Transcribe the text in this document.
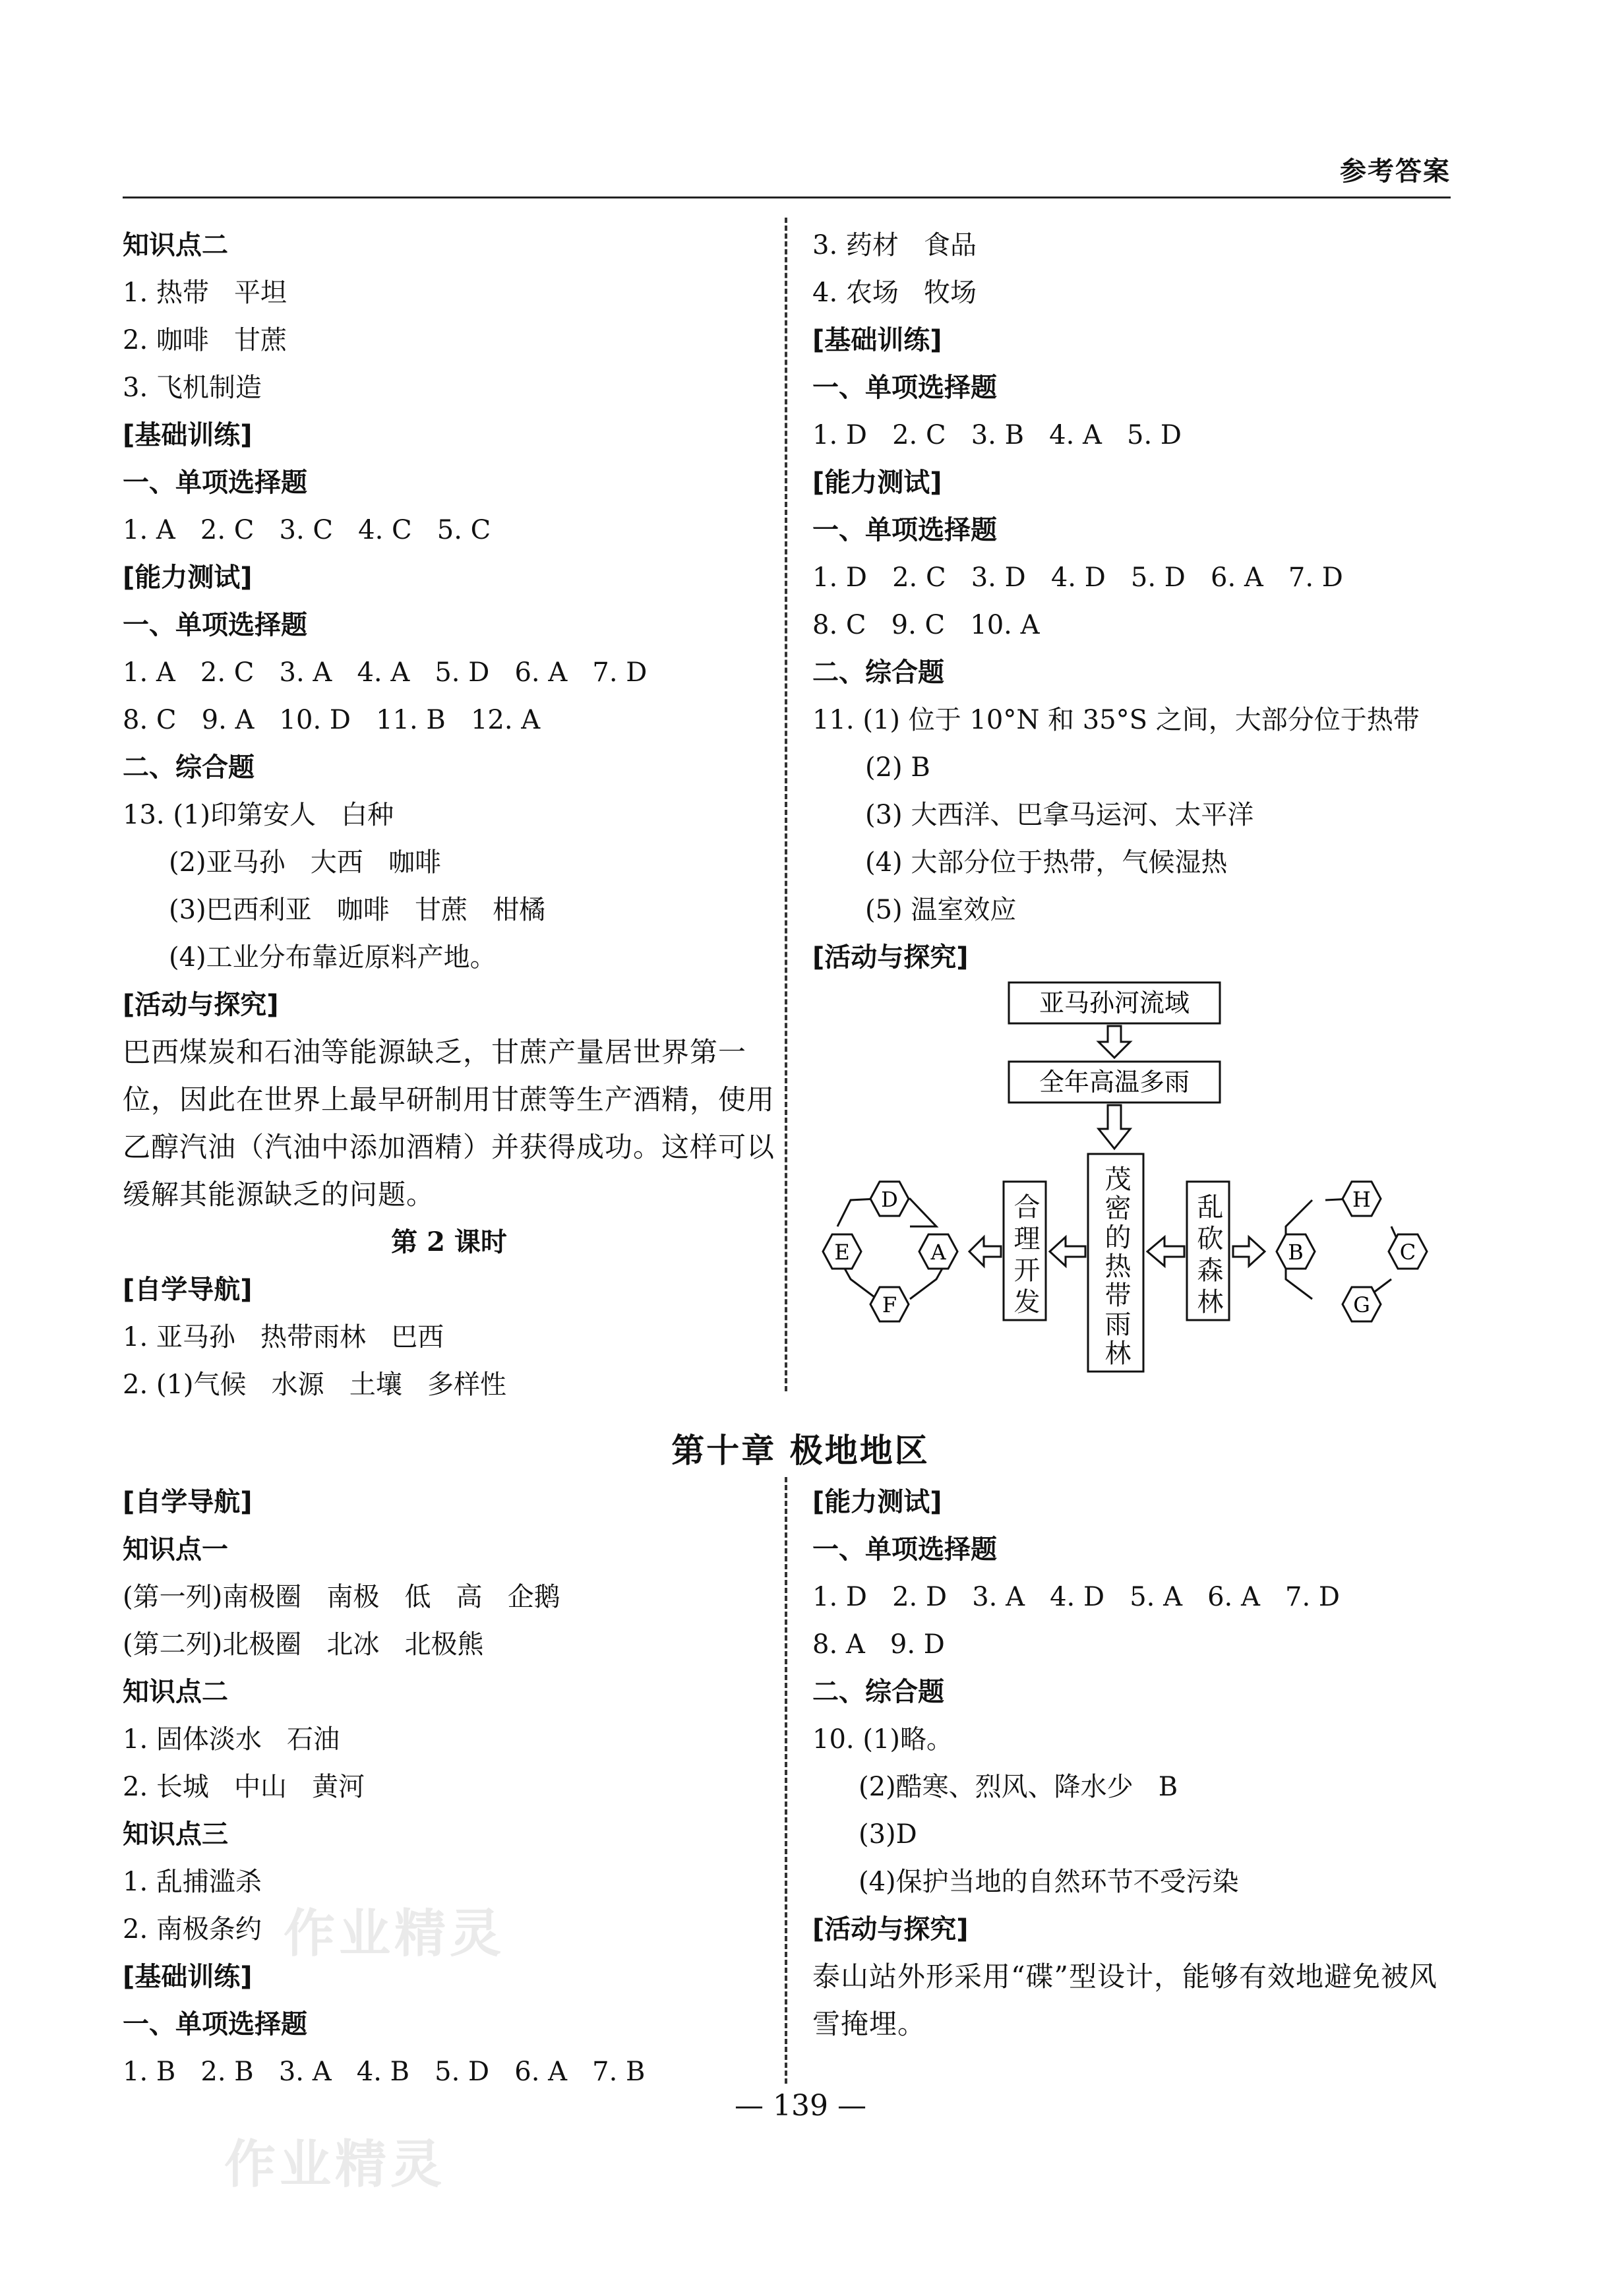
参考答案
知识点二
1. 热带   平坦
2. 咖啡   甘蔗
3. 飞机制造
[基础训练]
一、单项选择题
1. A   2. C   3. C   4. C   5. C
[能力测试]
一、单项选择题
1. A   2. C   3. A   4. A   5. D   6. A   7. D
8. C   9. A   10. D   11. B   12. A
二、综合题
13. (1)印第安人   白种
(2)亚马孙   大西   咖啡
(3)巴西利亚   咖啡   甘蔗   柑橘
(4)工业分布靠近原料产地。
[活动与探究]
巴西煤炭和石油等能源缺乏，甘蔗产量居世界第一位，因此在世界上最早研制用甘蔗等生产酒精，使用乙醇汽油（汽油中添加酒精）并获得成功。这样可以缓解其能源缺乏的问题。
第 2 课时
[自学导航]
1. 亚马孙   热带雨林   巴西
2. (1)气候   水源   土壤   多样性
3. 药材   食品
4. 农场   牧场
[基础训练]
一、单项选择题
1. D   2. C   3. B   4. A   5. D
[能力测试]
一、单项选择题
1. D   2. C   3. D   4. D   5. D   6. A   7. D
8. C   9. C   10. A
二、综合题
11. (1) 位于 10°N 和 35°S 之间，大部分位于热带
(2) B
(3) 大西洋、巴拿马运河、太平洋
(4) 大部分位于热带，气候湿热
(5) 温室效应
[活动与探究]
亚马孙河流域
全年高温多雨
D
A
F
E
H
C
G
B
茂密的热带雨林
合理开发	乱砍森林
第十章 极地地区
[自学导航]
知识点一
(第一列)南极圈   南极   低   高   企鹅
(第二列)北极圈   北冰   北极熊
知识点二
1. 固体淡水   石油
2. 长城   中山   黄河
知识点三
1. 乱捕滥杀
2. 南极条约
[基础训练]
一、单项选择题
1. B   2. B   3. A   4. B   5. D   6. A   7. B
[能力测试]
一、单项选择题
1. D   2. D   3. A   4. D   5. A   6. A   7. D
8. A   9. D
二、综合题
10. (1)略。
(2)酷寒、烈风、降水少   B
(3)D
(4)保护当地的自然环节不受污染
[活动与探究]
泰山站外形采用“碟”型设计，能够有效地避免被风雪掩埋。
作业精灵
作业精灵
— 139 —
